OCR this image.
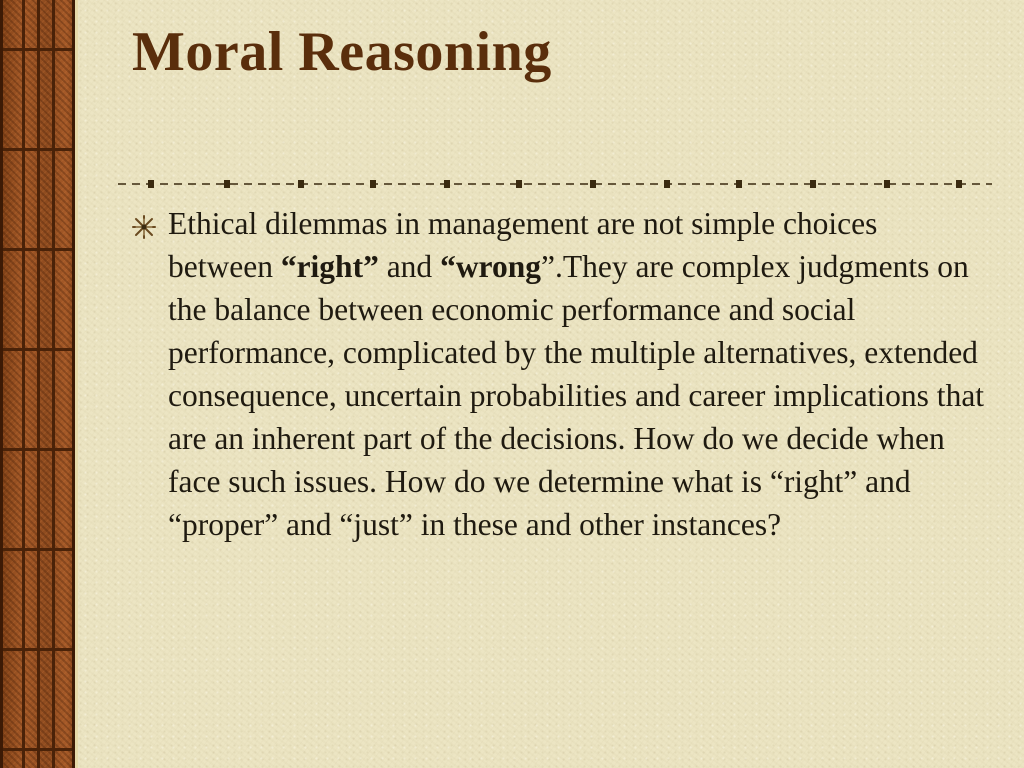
Moral Reasoning

Ethical dilemmas in management are not simple choices between “right” and “wrong”.They are complex judgments on the balance between economic performance and social performance, complicated by the multiple alternatives, extended consequence, uncertain probabilities and career implications that are an inherent part of the decisions. How do we decide when face such issues. How do we determine what is “right” and “proper” and “just” in these and other instances?
